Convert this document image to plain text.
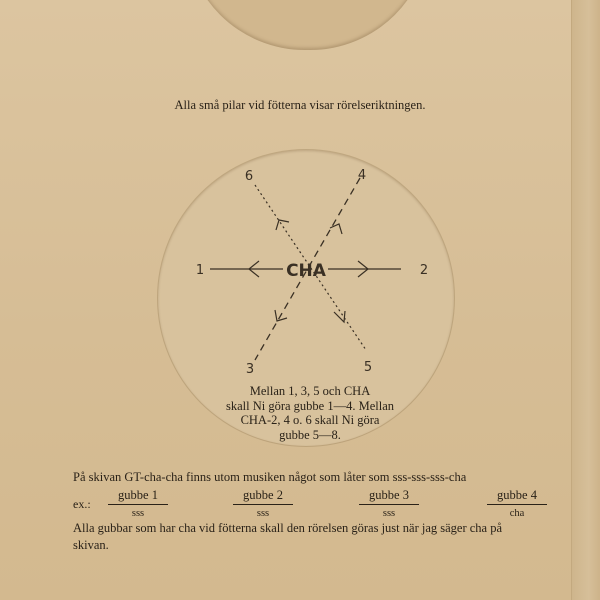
Alla små pilar vid fötterna visar rörelseriktningen.
CHA
1	2
3
4
5
6
Mellan 1, 3, 5 och CHA
skall Ni göra gubbe 1—4. Mellan
CHA-2, 4 o. 6 skall Ni göra
gubbe 5—8.
På skivan GT-cha-cha finns utom musiken något som låter som sss-sss-sss-cha
ex.:
gubbe 1
sss
gubbe 2
sss
gubbe 3
sss
gubbe 4
cha
Alla gubbar som har cha vid fötterna skall den rörelsen göras just när jag säger cha på
skivan.
